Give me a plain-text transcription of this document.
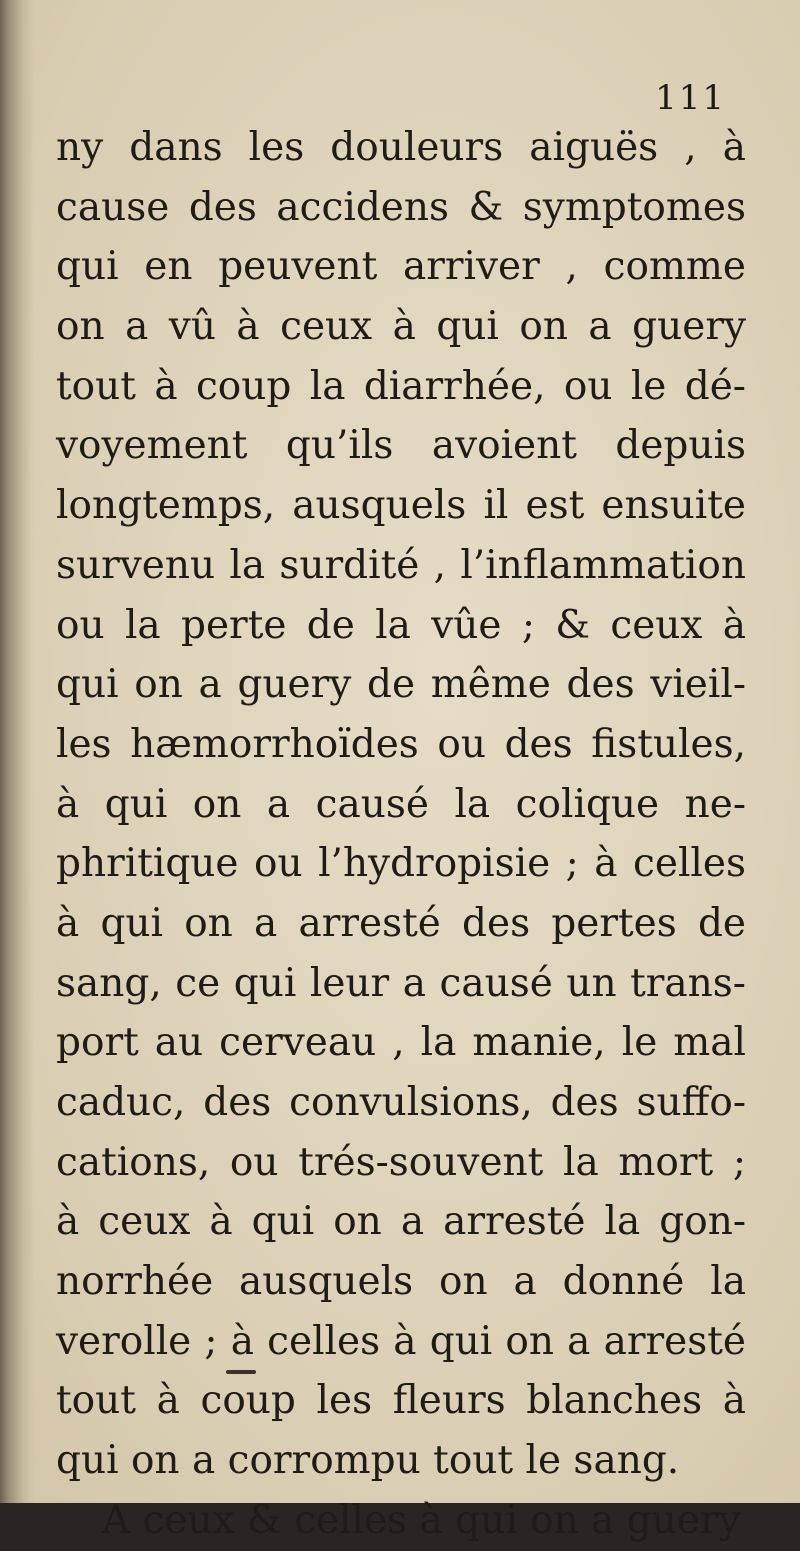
111
ny dans les douleurs aiguës , à
cause des accidens & symptomes
qui en peuvent arriver , comme
on a vû à ceux à qui on a guery
tout à coup la diarrhée, ou le dé-
voyement qu’ils avoient depuis
longtemps, ausquels il est ensuite
survenu la surdité , l’inflammation
ou la perte de la vûe ; & ceux à
qui on a guery de même des vieil-
les hæmorrhoïdes ou des fistules,
à qui on a causé la colique ne-
phritique ou l’hydropisie ; à celles
à qui on a arresté des pertes de
sang, ce qui leur a causé un trans-
port au cerveau , la manie, le mal
caduc, des convulsions, des suffo-
cations, ou trés-souvent la mort ;
à ceux à qui on a arresté la gon-
norrhée ausquels on a donné la
verolle ; à celles à qui on a arresté
tout à coup les fleurs blanches à
qui on a corrompu tout le sang.
A ceux & celles à qui on a guery
